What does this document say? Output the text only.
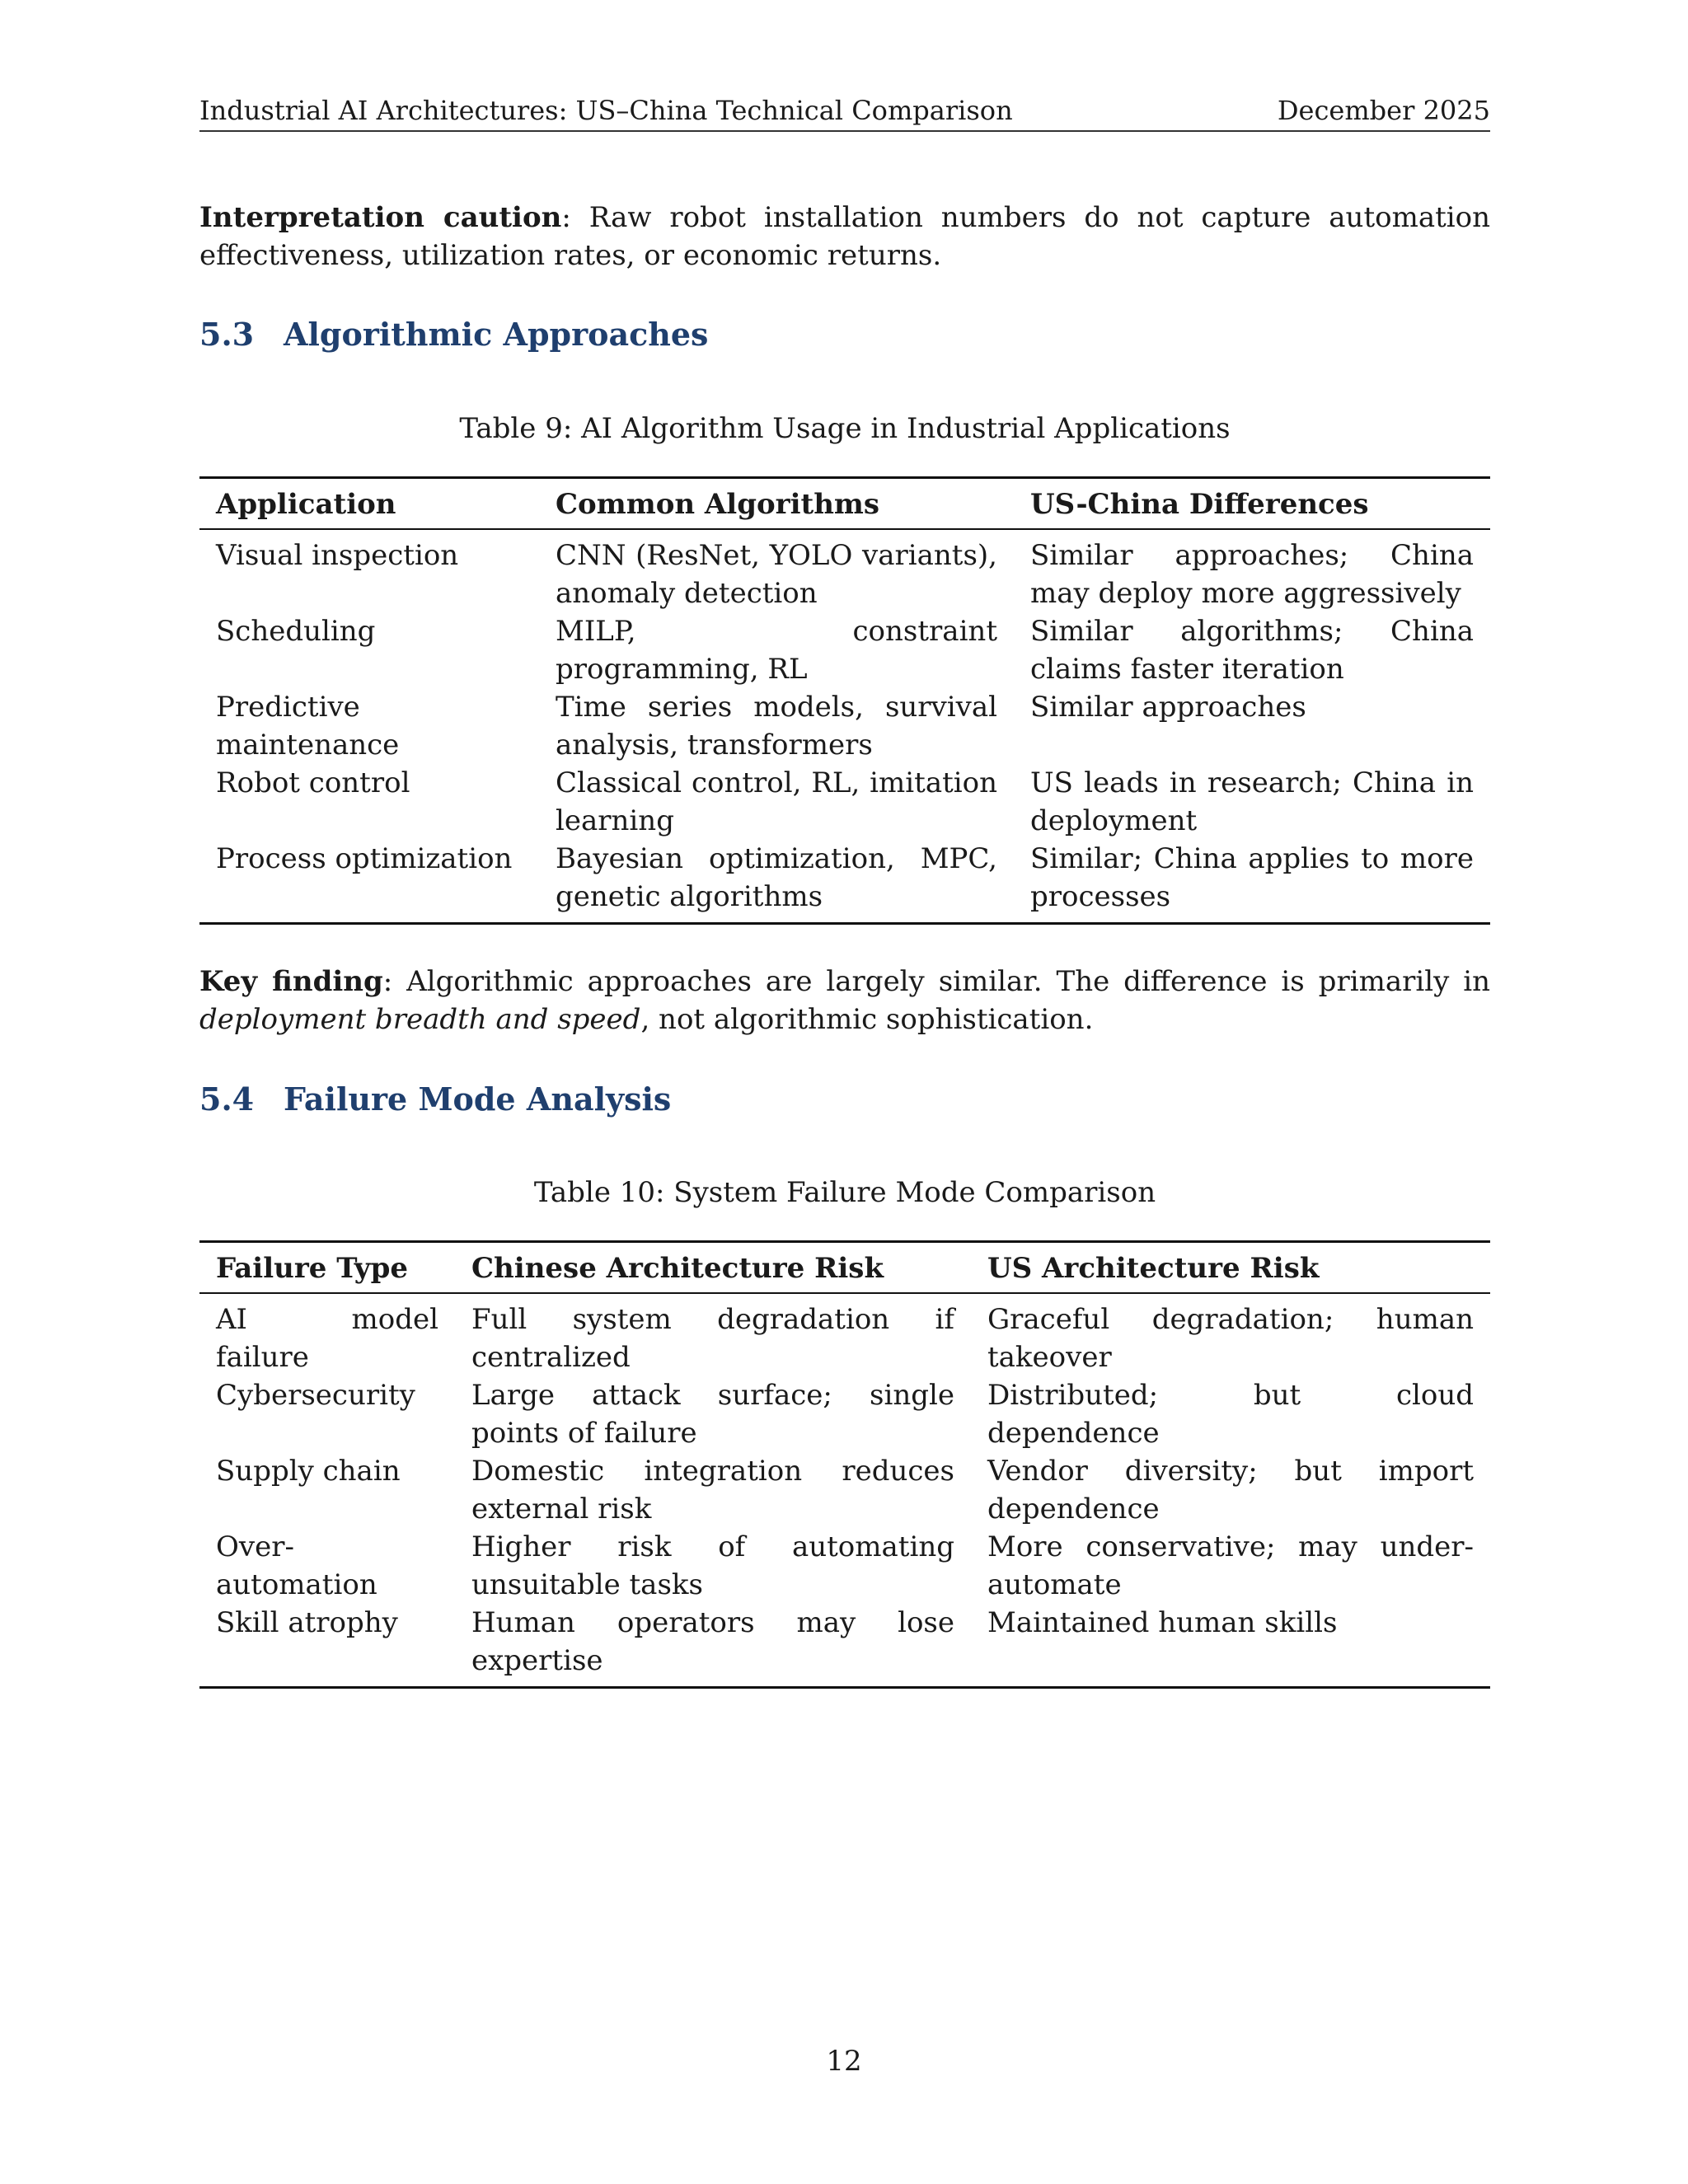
Industrial AI Architectures: US–China Technical Comparison	December 2025

Interpretation caution: Raw robot installation numbers do not capture automation effectiveness, utilization rates, or economic returns.

5.3 Algorithmic Approaches

Table 9: AI Algorithm Usage in Industrial Applications

Application	Common Algorithms	US-China Differences
Visual inspection	CNN (ResNet, YOLO variants), anomaly detection	Similar approaches; China may deploy more aggressively
Scheduling	MILP, constraint programming, RL	Similar algorithms; China claims faster iteration
Predictive maintenance	Time series models, survival analysis, transformers	Similar approaches
Robot control	Classical control, RL, imitation learning	US leads in research; China in deployment
Process optimization	Bayesian optimization, MPC, genetic algorithms	Similar; China applies to more processes

Key finding: Algorithmic approaches are largely similar. The difference is primarily in deployment breadth and speed, not algorithmic sophistication.

5.4 Failure Mode Analysis

Table 10: System Failure Mode Comparison

Failure Type	Chinese Architecture Risk	US Architecture Risk
AI model failure	Full system degradation if centralized	Graceful degradation; human takeover
Cybersecurity	Large attack surface; single points of failure	Distributed; but cloud dependence
Supply chain	Domestic integration reduces external risk	Vendor diversity; but import dependence
Over-automation	Higher risk of automating unsuitable tasks	More conservative; may under-automate
Skill atrophy	Human operators may lose expertise	Maintained human skills
12
